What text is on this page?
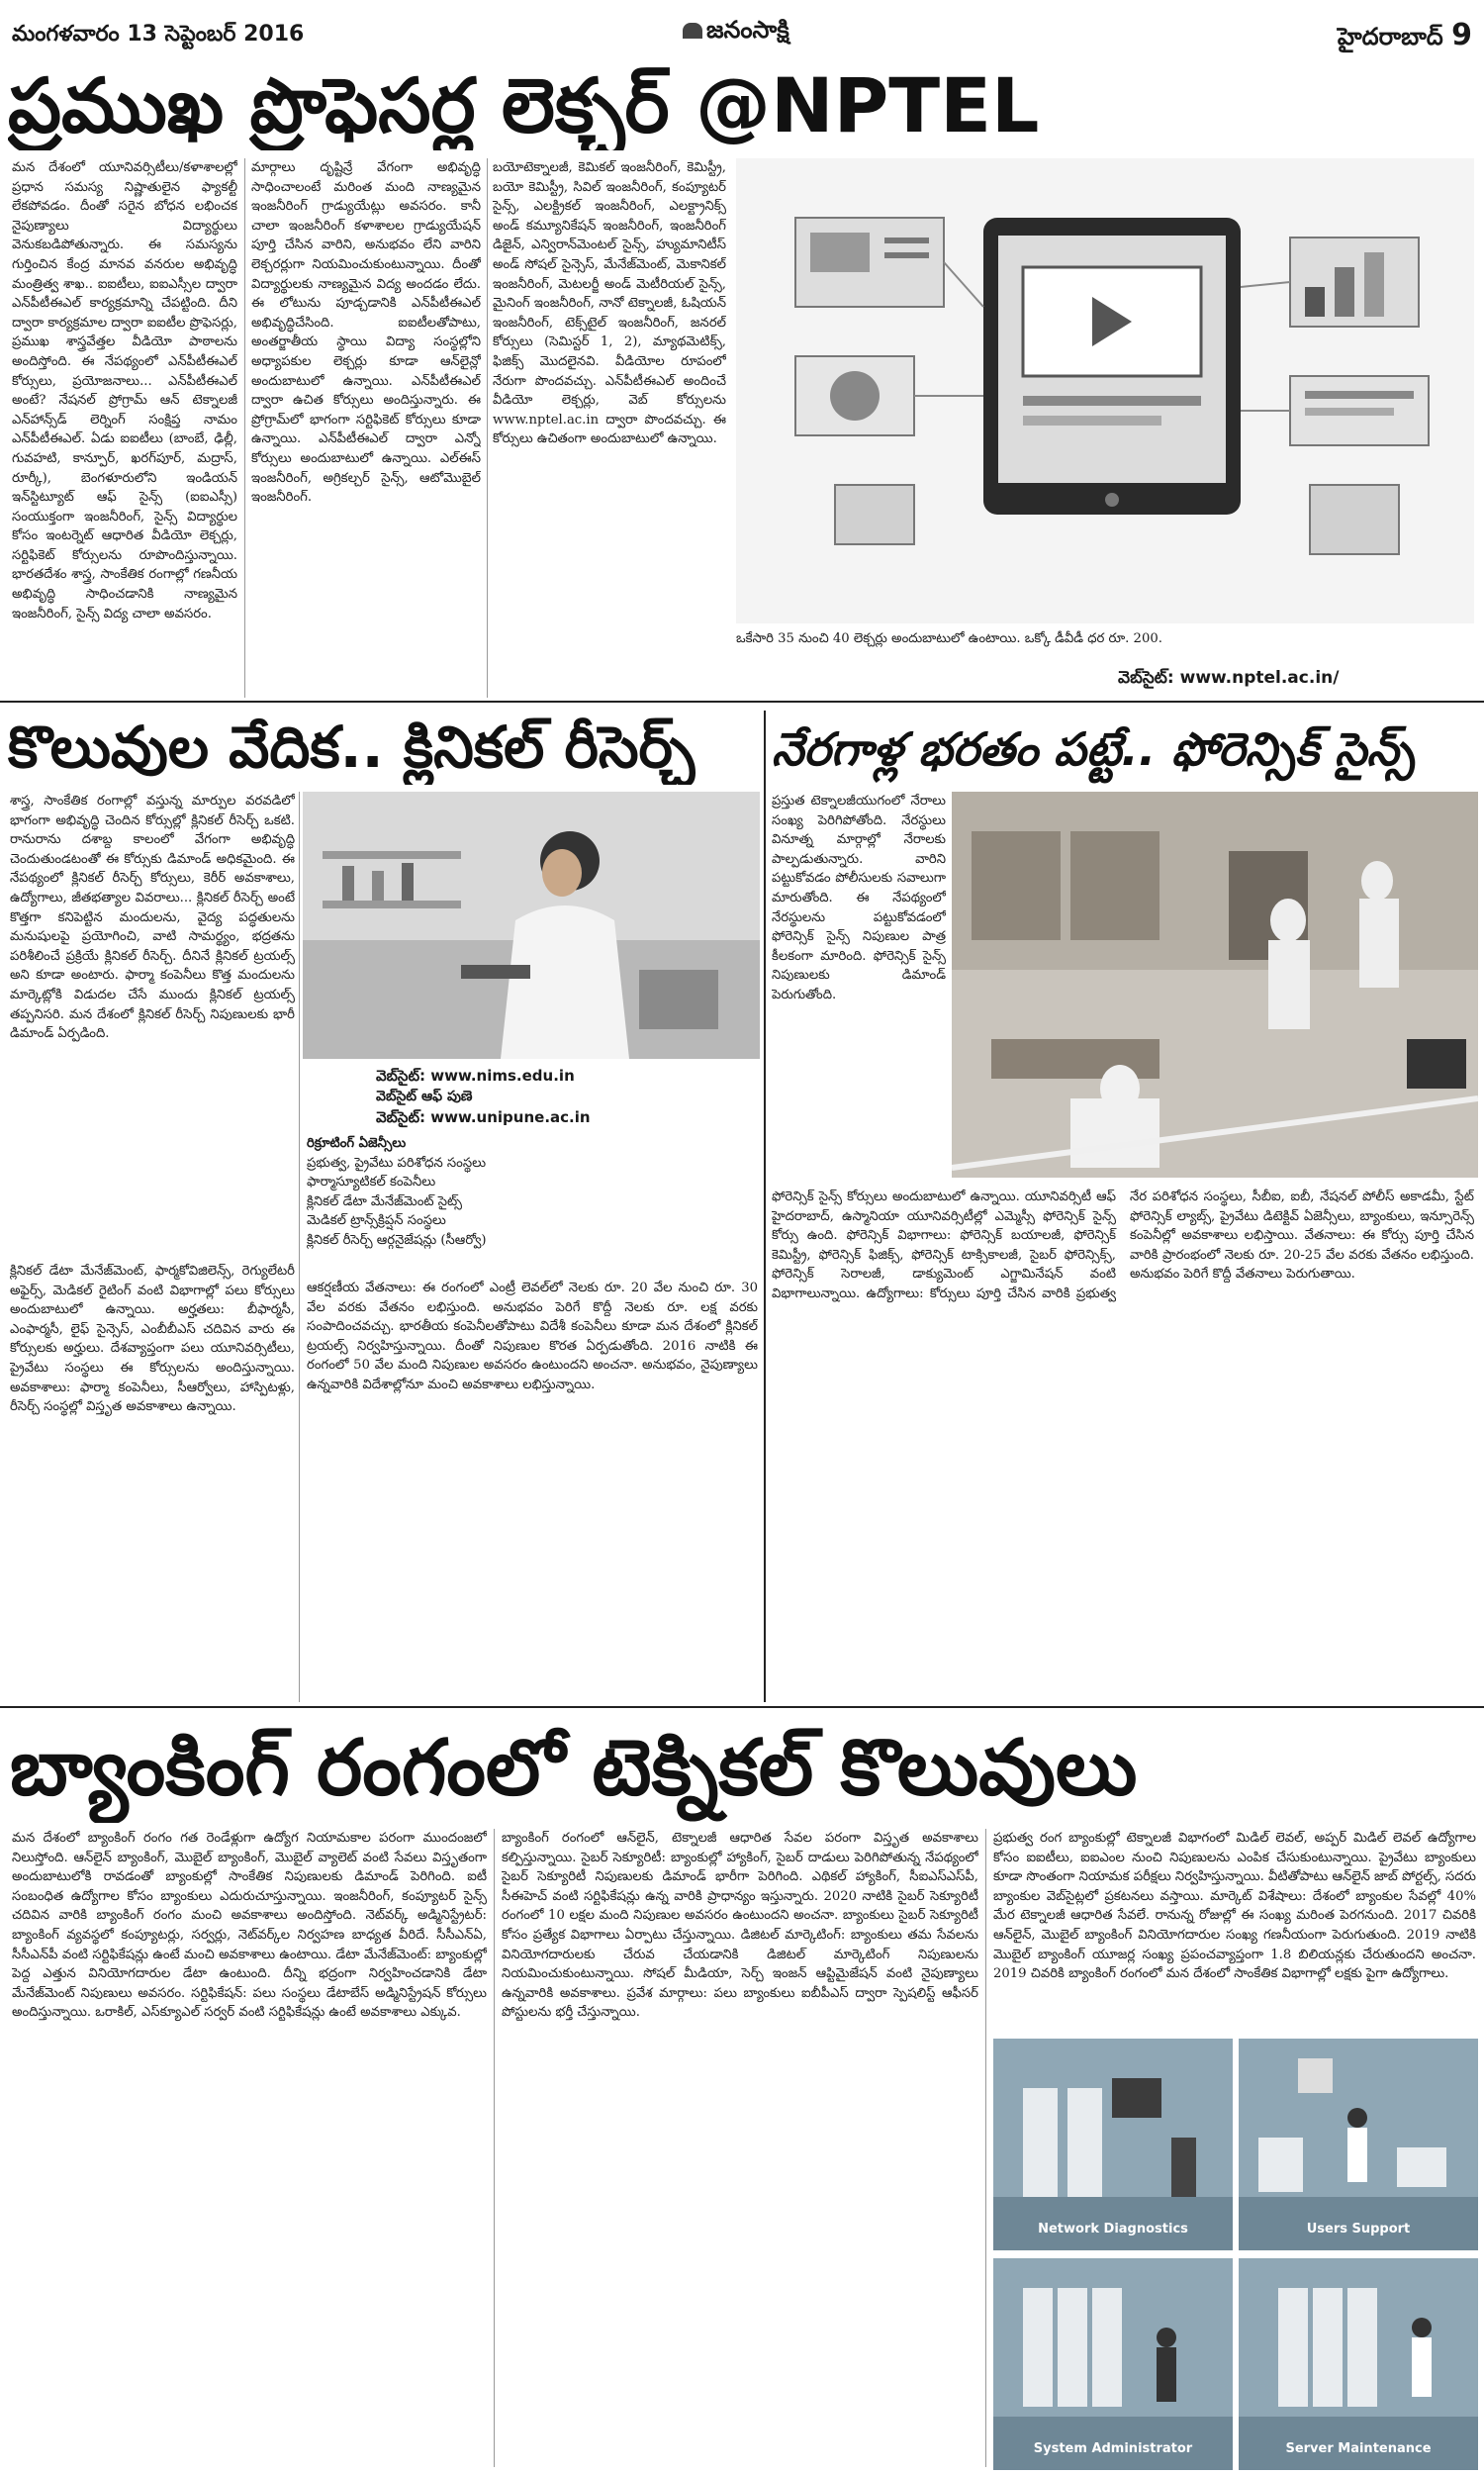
మంగళవారం 13 సెప్టెంబర్ 2016	జనంసాక్షి	హైదరాబాద్ 9
ప్రముఖ ప్రొఫెసర్ల లెక్చర్ @NPTEL
మన దేశంలో యూనివర్సిటీలు/కళాశాలల్లో ప్రధాన సమస్య నిష్ణాతులైన ఫ్యాకల్టీ లేకపోవడం. దీంతో సరైన బోధన లభించక నైపుణ్యాలు విద్యార్థులు వెనుకబడిపోతున్నారు. ఈ సమస్యను గుర్తించిన కేంద్ర మానవ వనరుల అభివృద్ధి మంత్రిత్వ శాఖ.. ఐఐటీలు, ఐఐఎస్సీల ద్వారా ఎన్‌పీటీఈఎల్ కార్యక్రమాన్ని చేపట్టింది. దీని ద్వారా కార్యక్రమాల ద్వారా ఐఐటీల ప్రొఫెసర్లు, ప్రముఖ శాస్త్రవేత్తల వీడియో పాఠాలను అందిస్తోంది. ఈ నేపథ్యంలో ఎన్‌పీటీఈఎల్ కోర్సులు, ప్రయోజనాలు... ఎన్‌పీటీఈఎల్ అంటే? నేషనల్ ప్రోగ్రామ్ ఆన్ టెక్నాలజీ ఎన్‌హాన్స్‌డ్ లెర్నింగ్ సంక్షిప్త నామం ఎన్‌పీటీఈఎల్. ఏడు ఐఐటీలు (బాంబే, ఢిల్లీ, గువహటి, కాన్పూర్, ఖరగ్‌పూర్, మద్రాస్, రూర్కీ), బెంగళూరులోని ఇండియన్ ఇన్‌స్టిట్యూట్ ఆఫ్ సైన్స్ (ఐఐఎస్సీ) సంయుక్తంగా ఇంజనీరింగ్, సైన్స్ విద్యార్థుల కోసం ఇంటర్నెట్ ఆధారిత వీడియో లెక్చర్లు, సర్టిఫికెట్ కోర్సులను రూపొందిస్తున్నాయి. భారతదేశం శాస్త్ర, సాంకేతిక రంగాల్లో గణనీయ అభివృద్ధి సాధించడానికి నాణ్యమైన ఇంజనీరింగ్, సైన్స్ విద్య చాలా అవసరం.
మార్గాలు దృష్టిన్రే వేగంగా అభివృద్ధి సాధించాలంటే మరింత మంది నాణ్యమైన ఇంజనీరింగ్ గ్రాడ్యుయేట్లు అవసరం. కానీ చాలా ఇంజనీరింగ్ కళాశాలల గ్రాడ్యుయేషన్ పూర్తి చేసిన వారిని, అనుభవం లేని వారిని లెక్చరర్లుగా నియమించుకుంటున్నాయి. దీంతో విద్యార్థులకు నాణ్యమైన విద్య అందడం లేదు. ఈ లోటును పూడ్చడానికి ఎన్‌పీటీఈఎల్ అభివృద్ధిచేసింది. ఐఐటీలతోపాటు, అంతర్జాతీయ స్థాయి విద్యా సంస్థల్లోని అధ్యాపకుల లెక్చర్లు కూడా ఆన్‌లైన్లో అందుబాటులో ఉన్నాయి. ఎన్‌పీటీఈఎల్ ద్వారా ఉచిత కోర్సులు అందిస్తున్నారు. ఈ ప్రోగ్రామ్‌లో భాగంగా సర్టిఫికెట్ కోర్సులు కూడా ఉన్నాయి. ఎన్‌పీటీఈఎల్ ద్వారా ఎన్నో కోర్సులు అందుబాటులో ఉన్నాయి. ఎల్ఈస్ ఇంజనీరింగ్, అగ్రికల్చర్ సైన్స్, ఆటోమొబైల్ ఇంజనీరింగ్.
బయోటెక్నాలజీ, కెమికల్ ఇంజనీరింగ్, కెమిస్ట్రీ, బయో కెమిస్ట్రీ, సివిల్ ఇంజనీరింగ్, కంప్యూటర్ సైన్స్, ఎలక్ట్రికల్ ఇంజనీరింగ్, ఎలక్ట్రానిక్స్ అండ్ కమ్యూనికేషన్ ఇంజనీరింగ్, ఇంజనీరింగ్ డిజైన్, ఎన్విరాన్‌మెంటల్ సైన్స్, హ్యుమానిటీస్ అండ్ సోషల్ సైన్సెస్, మేనేజ్‌మెంట్, మెకానికల్ ఇంజనీరింగ్, మెటలర్జీ అండ్ మెటీరియల్ సైన్స్, మైనింగ్ ఇంజనీరింగ్, నానో టెక్నాలజీ, ఓషియన్ ఇంజనీరింగ్, టెక్స్‌టైల్ ఇంజనీరింగ్, జనరల్ కోర్సులు (సెమిస్టర్ 1, 2), మ్యాథమెటిక్స్, ఫిజిక్స్ మొదలైనవి. వీడియోల రూపంలో నేరుగా పొందవచ్చు. ఎన్‌పీటీఈఎల్ అందించే వీడియో లెక్చర్లు, వెబ్ కోర్సులను www.nptel.ac.in ద్వారా పొందవచ్చు. ఈ కోర్సులు ఉచితంగా అందుబాటులో ఉన్నాయి.
ఒకేసారి 35 నుంచి 40 లెక్చర్లు అందుబాటులో ఉంటాయి. ఒక్కో డీవీడీ ధర రూ. 200.
వెబ్‌సైట్: www.nptel.ac.in/
కొలువుల వేదిక.. క్లినికల్ రీసెర్చ్
శాస్త్ర, సాంకేతిక రంగాల్లో వస్తున్న మార్పుల వరవడిలో భాగంగా అభివృద్ధి చెందిన కోర్సుల్లో క్లినికల్ రీసెర్చ్ ఒకటి. రానురాను దశాబ్ద కాలంలో వేగంగా అభివృద్ధి చెందుతుండటంతో ఈ కోర్సుకు డిమాండ్ అధికమైంది. ఈ నేపథ్యంలో క్లినికల్ రీసెర్చ్ కోర్సులు, కెరీర్ అవకాశాలు, ఉద్యోగాలు, జీతభత్యాల వివరాలు... క్లినికల్ రీసెర్చ్ అంటే కొత్తగా కనిపెట్టిన మందులను, వైద్య పద్ధతులను మనుషులపై ప్రయోగించి, వాటి సామర్థ్యం, భద్రతను పరిశీలించే ప్రక్రియే క్లినికల్ రీసెర్చ్. దీనినే క్లినికల్ ట్రయల్స్ అని కూడా అంటారు. ఫార్మా కంపెనీలు కొత్త మందులను మార్కెట్లోకి విడుదల చేసే ముందు క్లినికల్ ట్రయల్స్ తప్పనిసరి. మన దేశంలో క్లినికల్ రీసెర్చ్ నిపుణులకు భారీ డిమాండ్ ఏర్పడింది.
వెబ్‌సైట్: www.nims.edu.in
వెబ్‌సైట్ ఆఫ్ పుణె
వెబ్‌సైట్: www.unipune.ac.in
రిక్రూటింగ్ ఏజెన్సీలు
ప్రభుత్వ, ప్రైవేటు పరిశోధన సంస్థలు
ఫార్మాస్యూటికల్ కంపెనీలు
క్లినికల్ డేటా మేనేజ్‌మెంట్ సైట్స్
మెడికల్ ట్రాన్స్‌క్రిప్షన్ సంస్థలు
క్లినికల్ రీసెర్చ్ ఆర్గనైజేషన్లు (సీఆర్వో)
క్లినికల్ డేటా మేనేజ్‌మెంట్, ఫార్మకోవిజిలెన్స్, రెగ్యులేటరీ అఫైర్స్, మెడికల్ రైటింగ్ వంటి విభాగాల్లో పలు కోర్సులు అందుబాటులో ఉన్నాయి. అర్హతలు: బీఫార్మసీ, ఎంఫార్మసీ, లైఫ్ సైన్సెస్, ఎంబీబీఎస్ చదివిన వారు ఈ కోర్సులకు అర్హులు. దేశవ్యాప్తంగా పలు యూనివర్సిటీలు, ప్రైవేటు సంస్థలు ఈ కోర్సులను అందిస్తున్నాయి. అవకాశాలు: ఫార్మా కంపెనీలు, సీఆర్వోలు, హాస్పిటళ్లు, రీసెర్చ్ సంస్థల్లో విస్తృత అవకాశాలు ఉన్నాయి.
ఆకర్షణీయ వేతనాలు: ఈ రంగంలో ఎంట్రీ లెవల్‌లో నెలకు రూ. 20 వేల నుంచి రూ. 30 వేల వరకు వేతనం లభిస్తుంది. అనుభవం పెరిగే కొద్దీ నెలకు రూ. లక్ష వరకు సంపాదించవచ్చు. భారతీయ కంపెనీలతోపాటు విదేశీ కంపెనీలు కూడా మన దేశంలో క్లినికల్ ట్రయల్స్ నిర్వహిస్తున్నాయి. దీంతో నిపుణుల కొరత ఏర్పడుతోంది. 2016 నాటికి ఈ రంగంలో 50 వేల మంది నిపుణుల అవసరం ఉంటుందని అంచనా. అనుభవం, నైపుణ్యాలు ఉన్నవారికి విదేశాల్లోనూ మంచి అవకాశాలు లభిస్తున్నాయి.
నేరగాళ్ల భరతం పట్టే.. ఫోరెన్సిక్ సైన్స్
ప్రస్తుత టెక్నాలజీయుగంలో నేరాలు సంఖ్య పెరిగిపోతోంది. నేరస్థులు వినూత్న మార్గాల్లో నేరాలకు పాల్పడుతున్నారు. వారిని పట్టుకోవడం పోలీసులకు సవాలుగా మారుతోంది. ఈ నేపథ్యంలో నేరస్థులను పట్టుకోవడంలో ఫోరెన్సిక్ సైన్స్ నిపుణుల పాత్ర కీలకంగా మారింది. ఫోరెన్సిక్ సైన్స్ నిపుణులకు డిమాండ్ పెరుగుతోంది.
ఫోరెన్సిక్ సైన్స్ కోర్సులు అందుబాటులో ఉన్నాయి. యూనివర్సిటీ ఆఫ్ హైదరాబాద్, ఉస్మానియా యూనివర్సిటీల్లో ఎమ్మెస్సీ ఫోరెన్సిక్ సైన్స్ కోర్సు ఉంది. ఫోరెన్సిక్ విభాగాలు: ఫోరెన్సిక్ బయాలజీ, ఫోరెన్సిక్ కెమిస్ట్రీ, ఫోరెన్సిక్ ఫిజిక్స్, ఫోరెన్సిక్ టాక్సికాలజీ, సైబర్ ఫోరెన్సిక్స్, ఫోరెన్సిక్ సెరాలజీ, డాక్యుమెంట్ ఎగ్జామినేషన్ వంటి విభాగాలున్నాయి. ఉద్యోగాలు: కోర్సులు పూర్తి చేసిన వారికి ప్రభుత్వ నేర పరిశోధన సంస్థలు, సీబీఐ, ఐబీ, నేషనల్ పోలీస్ అకాడమీ, స్టేట్ ఫోరెన్సిక్ ల్యాబ్స్, ప్రైవేటు డిటెక్టివ్ ఏజెన్సీలు, బ్యాంకులు, ఇన్సూరెన్స్ కంపెనీల్లో అవకాశాలు లభిస్తాయి. వేతనాలు: ఈ కోర్సు పూర్తి చేసిన వారికి ప్రారంభంలో నెలకు రూ. 20-25 వేల వరకు వేతనం లభిస్తుంది. అనుభవం పెరిగే కొద్దీ వేతనాలు పెరుగుతాయి.
బ్యాంకింగ్ రంగంలో టెక్నికల్ కొలువులు
మన దేశంలో బ్యాంకింగ్ రంగం గత రెండేళ్లుగా ఉద్యోగ నియామకాల పరంగా ముందంజలో నిలుస్తోంది. ఆన్‌లైన్ బ్యాంకింగ్, మొబైల్ బ్యాంకింగ్, మొబైల్ వ్యాలెట్ వంటి సేవలు విస్తృతంగా అందుబాటులోకి రావడంతో బ్యాంకుల్లో సాంకేతిక నిపుణులకు డిమాండ్ పెరిగింది. ఐటీ సంబంధిత ఉద్యోగాల కోసం బ్యాంకులు ఎదురుచూస్తున్నాయి. ఇంజనీరింగ్, కంప్యూటర్ సైన్స్ చదివిన వారికి బ్యాంకింగ్ రంగం మంచి అవకాశాలు అందిస్తోంది. నెట్‌వర్క్ అడ్మినిస్ట్రేటర్: బ్యాంకింగ్ వ్యవస్థలో కంప్యూటర్లు, సర్వర్లు, నెట్‌వర్క్‌ల నిర్వహణ బాధ్యత వీరిదే. సీసీఎన్ఏ, సీసీఎన్‌పీ వంటి సర్టిఫికేషన్లు ఉంటే మంచి అవకాశాలు ఉంటాయి. డేటా మేనేజ్‌మెంట్: బ్యాంకుల్లో పెద్ద ఎత్తున వినియోగదారుల డేటా ఉంటుంది. దీన్ని భద్రంగా నిర్వహించడానికి డేటా మేనేజ్‌మెంట్ నిపుణులు అవసరం. సర్టిఫికేషన్: పలు సంస్థలు డేటాబేస్ అడ్మినిస్ట్రేషన్ కోర్సులు అందిస్తున్నాయి. ఒరాకిల్, ఎస్‌క్యూఎల్ సర్వర్ వంటి సర్టిఫికేషన్లు ఉంటే అవకాశాలు ఎక్కువ.
బ్యాంకింగ్ రంగంలో ఆన్‌లైన్, టెక్నాలజీ ఆధారిత సేవల పరంగా విస్తృత అవకాశాలు కల్పిస్తున్నాయి. సైబర్ సెక్యూరిటీ: బ్యాంకుల్లో హ్యాకింగ్, సైబర్ దాడులు పెరిగిపోతున్న నేపథ్యంలో సైబర్ సెక్యూరిటీ నిపుణులకు డిమాండ్ భారీగా పెరిగింది. ఎథికల్ హ్యాకింగ్, సీఐఎస్ఎస్‌పీ, సీఈహెచ్ వంటి సర్టిఫికేషన్లు ఉన్న వారికి ప్రాధాన్యం ఇస్తున్నారు. 2020 నాటికి సైబర్ సెక్యూరిటీ రంగంలో 10 లక్షల మంది నిపుణుల అవసరం ఉంటుందని అంచనా. బ్యాంకులు సైబర్ సెక్యూరిటీ కోసం ప్రత్యేక విభాగాలు ఏర్పాటు చేస్తున్నాయి. డిజిటల్ మార్కెటింగ్: బ్యాంకులు తమ సేవలను వినియోగదారులకు చేరువ చేయడానికి డిజిటల్ మార్కెటింగ్ నిపుణులను నియమించుకుంటున్నాయి. సోషల్ మీడియా, సెర్చ్ ఇంజన్ ఆప్టిమైజేషన్ వంటి నైపుణ్యాలు ఉన్నవారికి అవకాశాలు. ప్రవేశ మార్గాలు: పలు బ్యాంకులు ఐబీపీఎస్ ద్వారా స్పెషలిస్ట్ ఆఫీసర్ పోస్టులను భర్తీ చేస్తున్నాయి.
ప్రభుత్వ రంగ బ్యాంకుల్లో టెక్నాలజీ విభాగంలో మిడిల్ లెవల్, అప్పర్ మిడిల్ లెవల్ ఉద్యోగాల కోసం ఐఐటీలు, ఐఐఎంల నుంచి నిపుణులను ఎంపిక చేసుకుంటున్నాయి. ప్రైవేటు బ్యాంకులు కూడా సొంతంగా నియామక పరీక్షలు నిర్వహిస్తున్నాయి. వీటితోపాటు ఆన్‌లైన్ జాబ్ పోర్టల్స్, సదరు బ్యాంకుల వెబ్‌సైట్లలో ప్రకటనలు వస్తాయి. మార్కెట్ విశేషాలు: దేశంలో బ్యాంకుల సేవల్లో 40% మేర టెక్నాలజీ ఆధారిత సేవలే. రానున్న రోజుల్లో ఈ సంఖ్య మరింత పెరగనుంది. 2017 చివరికి ఆన్‌లైన్, మొబైల్ బ్యాంకింగ్ వినియోగదారుల సంఖ్య గణనీయంగా పెరుగుతుంది. 2019 నాటికి మొబైల్ బ్యాంకింగ్ యూజర్ల సంఖ్య ప్రపంచవ్యాప్తంగా 1.8 బిలియన్లకు చేరుతుందని అంచనా. 2019 చివరికి బ్యాంకింగ్ రంగంలో మన దేశంలో సాంకేతిక విభాగాల్లో లక్షకు పైగా ఉద్యోగాలు.
Network Diagnostics	Users Support
System Administrator	Server Maintenance
